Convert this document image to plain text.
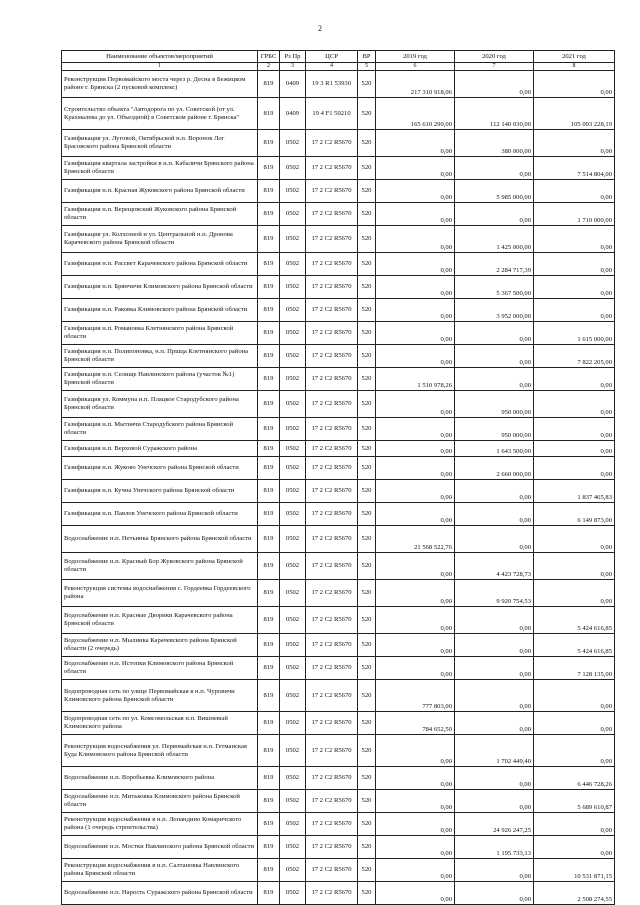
2
Наименование объектов/мероприятий	ГРБС	Рз Пр	ЦСР	ВР	2019 год	2020 год	2021 год
1	2	3	4	5	6	7	8
Реконструкция Первомайского моста через р. Десна в Бежицком районе г. Брянска (2 пусковой комплекс)	819	0409	19 3 R1 53930	520	217 310 918,06	0,00	0,00
Строительство объекта "Автодорога по ул. Советской (от ул. Крахмалева до ул. Объездной) в Советском районе г. Брянска"	819	0409	19 4 F1 50210	520	165 610 290,00	112 140 030,00	105 093 228,19
Газификация ул. Луговой, Октябрьской н.п. Воронов Лог Брасовского района Брянской области	819	0502	17 2 C2 R5670	520	0,00	380 000,00	0,00
Газификация квартала застройки в н.п. Кабаличи Брянского района Брянской области	819	0502	17 2 C2 R5670	520	0,00	0,00	7 514 804,00
Газификация н.п. Красная Жуковского района Брянской области	819	0502	17 2 C2 R5670	520	0,00	5 985 000,00	0,00
Газификация н.п. Верещовский Жуковского района Брянской области	819	0502	17 2 C2 R5670	520	0,00	0,00	1 710 000,00
Газификация ул. Колхозной и ул. Центральной н.п. Дронова Карачевского района Брянской области	819	0502	17 2 C2 R5670	520	0,00	1 425 000,00	0,00
Газификация н.п. Рассвет Карачевского района Брянской области	819	0502	17 2 C2 R5670	520	0,00	2 284 717,39	0,00
Газификация н.п. Брянчичи Климовского района Брянской области	819	0502	17 2 C2 R5670	520	0,00	5 367 500,00	0,00
Газификация н.п. Раковка Климовского района Брянской области	819	0502	17 2 C2 R5670	520	0,00	3 952 000,00	0,00
Газификация н.п. Романовка Клетнянского района Брянской области	819	0502	17 2 C2 R5670	520	0,00	0,00	1 615 000,00
Газификация н.п. Полипоновка, н.п. Пршца Клетнянского района Брянской области	819	0502	17 2 C2 R5670	520	0,00	0,00	7 822 205,00
Газификация н.п. Селище Навлинского района (участок №1) Брянской области	819	0502	17 2 C2 R5670	520	1 510 978,26	0,00	0,00
Газификация ул. Коммуна н.п. Плацкое Стародубского района Брянской области	819	0502	17 2 C2 R5670	520	0,00	950 000,00	0,00
Газификация н.п. Мытнячи Стародубского района Брянской области	819	0502	17 2 C2 R5670	520	0,00	950 000,00	0,00
Газификация н.п. Верховой Суражского района	819	0502	17 2 C2 R5670	520	0,00	1 643 500,00	0,00
Газификация н.п. Жуково Унечского района Брянской области	819	0502	17 2 C2 R5670	520	0,00	2 660 000,00	0,00
Газификация н.п. Кучна Унечского района Брянской области	819	0502	17 2 C2 R5670	520	0,00	0,00	1 837 465,83
Газификация н.п. Павлов Унечского района Брянской области	819	0502	17 2 C2 R5670	520	0,00	0,00	6 149 873,00
Водоснабжение н.п. Нетьинка Брянского района Брянской области	819	0502	17 2 C2 R5670	520	21 568 522,76	0,00	0,00
Водоснабжение н.п. Красный Бор Жуковского района Брянской области	819	0502	17 2 C2 R5670	520	0,00	4 423 728,73	0,00
Реконструкция системы водоснабжения с. Гордеевка Гордеевского района	819	0502	17 2 C2 R5670	520	0,00	9 920 754,53	0,00
Водоснабжение н.п. Красные Дворики Карачевского района Брянской области	819	0502	17 2 C2 R5670	520	0,00	0,00	5 424 616,85
Водоснабжение н.п. Мылинка Карачевского района Брянской области (2 очередь)	819	0502	17 2 C2 R5670	520	0,00	0,00	5 424 616,85
Водоснабжение н.п. Истопки Климовского района Брянской области	819	0502	17 2 C2 R5670	520	0,00	0,00	7 128 135,00
Водопроводная сеть по улице Первомайская в н.п. Чуровичи Климовского района Брянской области	819	0502	17 2 C2 R5670	520	777 803,00	0,00	0,00
Водопроводная сеть по ул. Комсомольская н.п. Вишневый Климовского района	819	0502	17 2 C2 R5670	520	784 652,50	0,00	0,00
Реконструкция водоснабжения ул. Первомайская н.п. Гетманская Буда Климовского района Брянской области	819	0502	17 2 C2 R5670	520	0,00	1 702 449,40	0,00
Водоснабжение н.п. Воробьевка Климовского района	819	0502	17 2 C2 R5670	520	0,00	0,00	6 446 728,26
Водоснабжение н.п. Митьковка Климовского района Брянской области	819	0502	17 2 C2 R5670	520	0,00	0,00	5 689 610,87
Реконструкция водоснабжения в н.п. Лопандино Комаричского района (1 очередь строительства)	819	0502	17 2 C2 R5670	520	0,00	24 926 247,25	0,00
Водоснабжение н.п. Мостки Навлинского района Брянской области	819	0502	17 2 C2 R5670	520	0,00	1 195 733,13	0,00
Реконструкция водоснабжения в н.п. Салтановка Навлинского района Брянской области	819	0502	17 2 C2 R5670	520	0,00	0,00	10 531 871,15
Водоснабжение н.п. Нарость Суражского района Брянской области	819	0502	17 2 C2 R5670	520	0,00	0,00	2 508 274,55
